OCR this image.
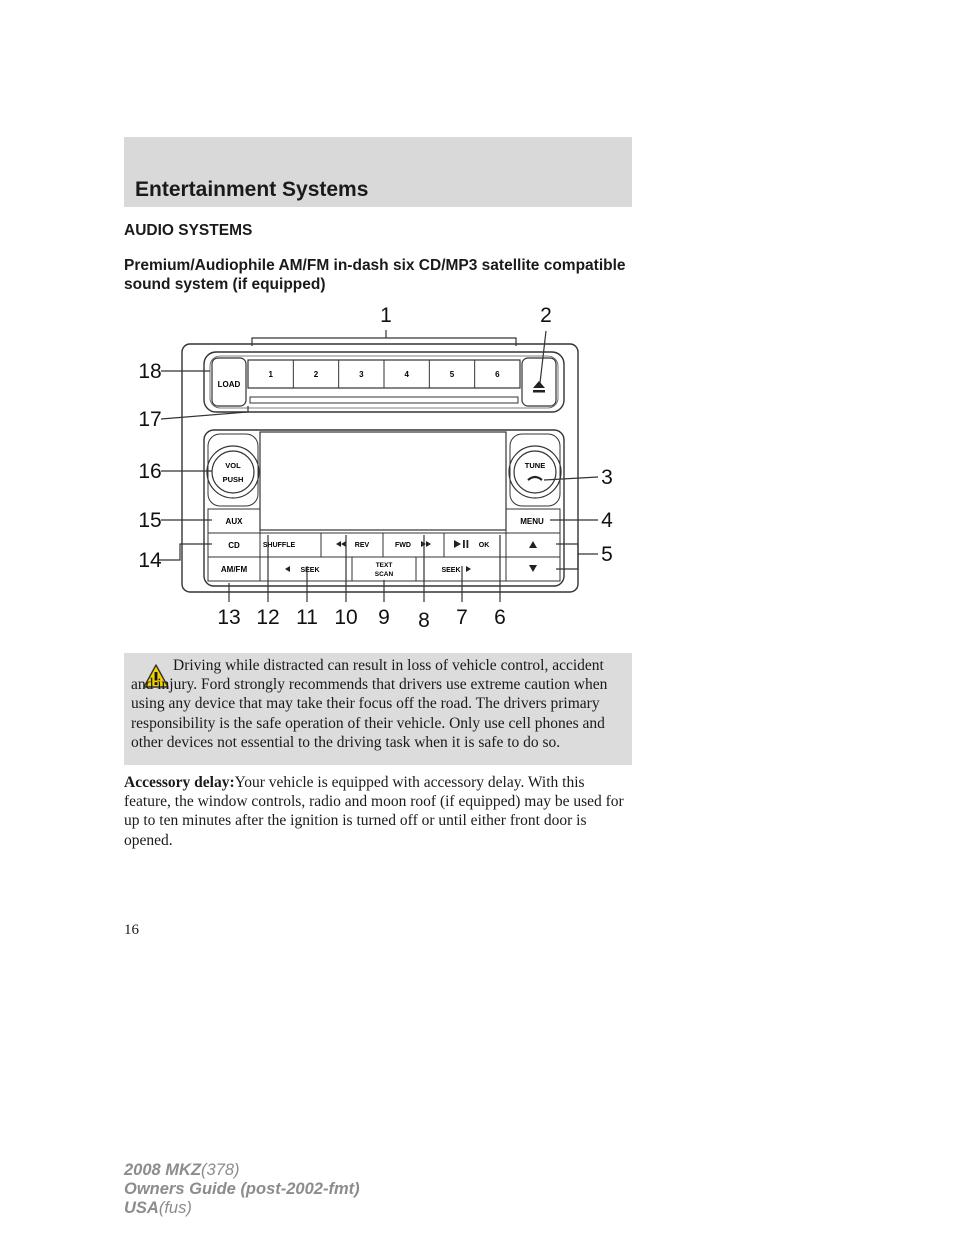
Entertainment Systems
AUDIO SYSTEMS
Premium/Audiophile AM/FM in-dash six CD/MP3 satellite compatible sound system (if equipped)
LOAD
1	2	3	4	5	6
VOL
PUSH
TUNE
AUX
CD
AM/FM
MENU
SHUFFLE	REV	FWD	OK
SEEK
TEXT
SCAN
SEEK
1	2
3
4
5
6
7
8
9
10
11
12
13
14
15
16
17
18
Driving while distracted can result in loss of vehicle control, accident and injury. Ford strongly recommends that drivers use extreme caution when using any device that may take their focus off the road. The drivers primary responsibility is the safe operation of their vehicle. Only use cell phones and other devices not essential to the driving task when it is safe to do so.
Accessory delay:Your vehicle is equipped with accessory delay. With this feature, the window controls, radio and moon roof (if equipped) may be used for up to ten minutes after the ignition is turned off or until either front door is opened.
16
2008 MKZ(378)
Owners Guide (post-2002-fmt)
USA(fus)
